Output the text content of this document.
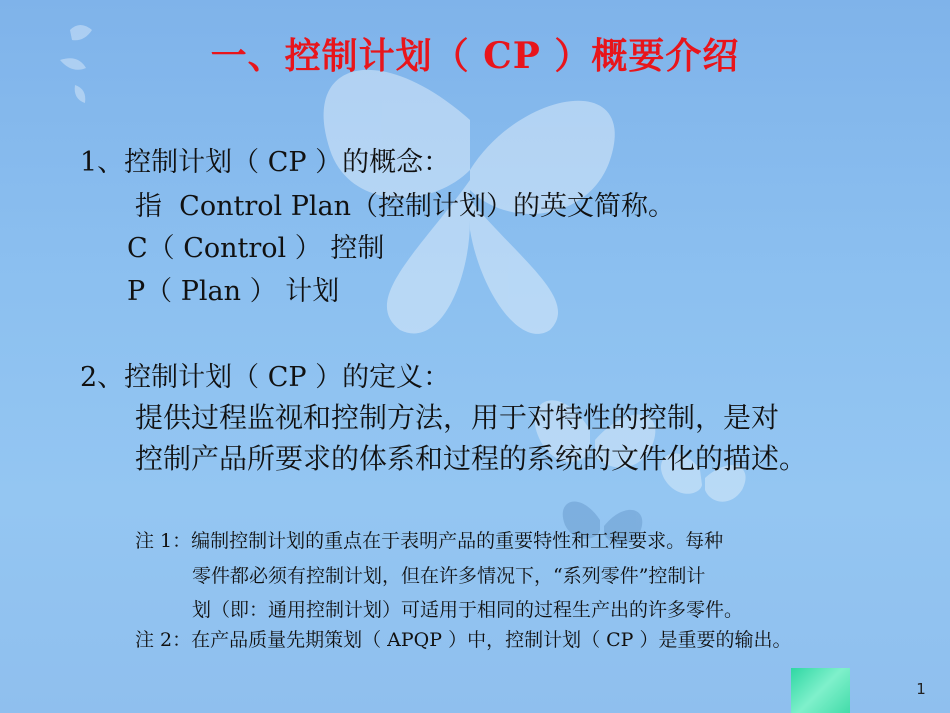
一、控制计划（ CP ）概要介绍
1、控制计划（ CP ）的概念：
指  Control Plan（控制计划）的英文简称。
C（ Control ） 控制
P（ Plan ） 计划
2、控制计划（ CP ）的定义：
提供过程监视和控制方法，用于对特性的控制，是对
控制产品所要求的体系和过程的系统的文件化的描述。
注 1：编制控制计划的重点在于表明产品的重要特性和工程要求。每种
零件都必须有控制计划，但在许多情况下，“系列零件”控制计
划（即：通用控制计划）可适用于相同的过程生产出的许多零件。
注 2：在产品质量先期策划（ APQP ）中，控制计划（ CP ）是重要的输出。
1
